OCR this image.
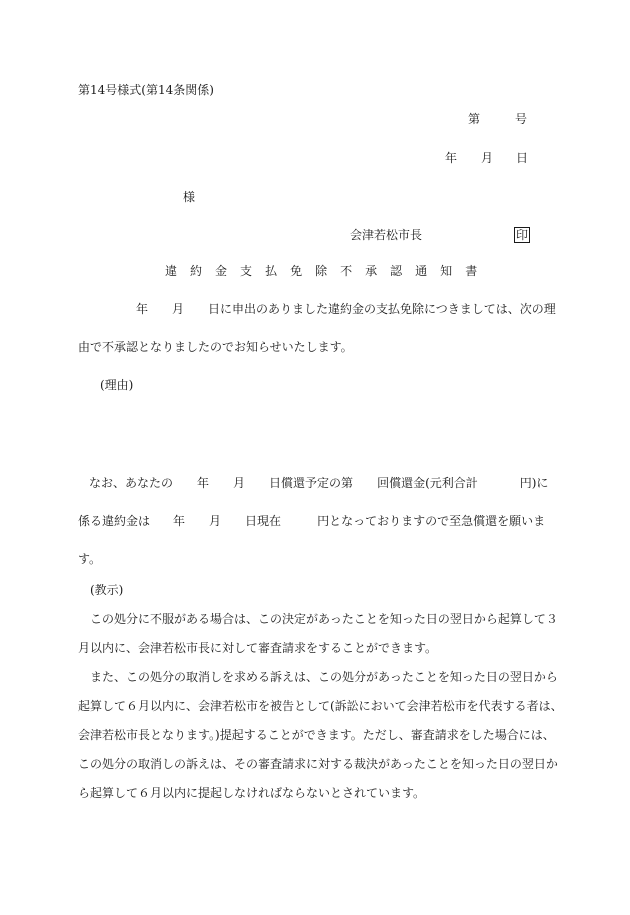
第14号様式(第14条関係)
第	号
年 月 日
様
会津若松市長	印
違 約 金 支 払 免 除 不 承 認 通 知 書
年 月 日に申出のありました違約金の支払免除につきましては、次の理
由で不承認となりましたのでお知らせいたします。
(理由)
なお、あなたの 年 月 日償還予定の第 回償還金(元利合計	円)に
係る違約金は 年 月 日現在	円となっておりますので至急償還を願いま
す。
(教示)
この処分に不服がある場合は、この決定があったことを知った日の翌日から起算して３
月以内に、会津若松市長に対して審査請求をすることができます。
また、この処分の取消しを求める訴えは、この処分があったことを知った日の翌日から
起算して６月以内に、会津若松市を被告として(訴訟において会津若松市を代表する者は、
会津若松市長となります。)提起することができます。ただし、審査請求をした場合には、
この処分の取消しの訴えは、その審査請求に対する裁決があったことを知った日の翌日か
ら起算して６月以内に提起しなければならないとされています。
